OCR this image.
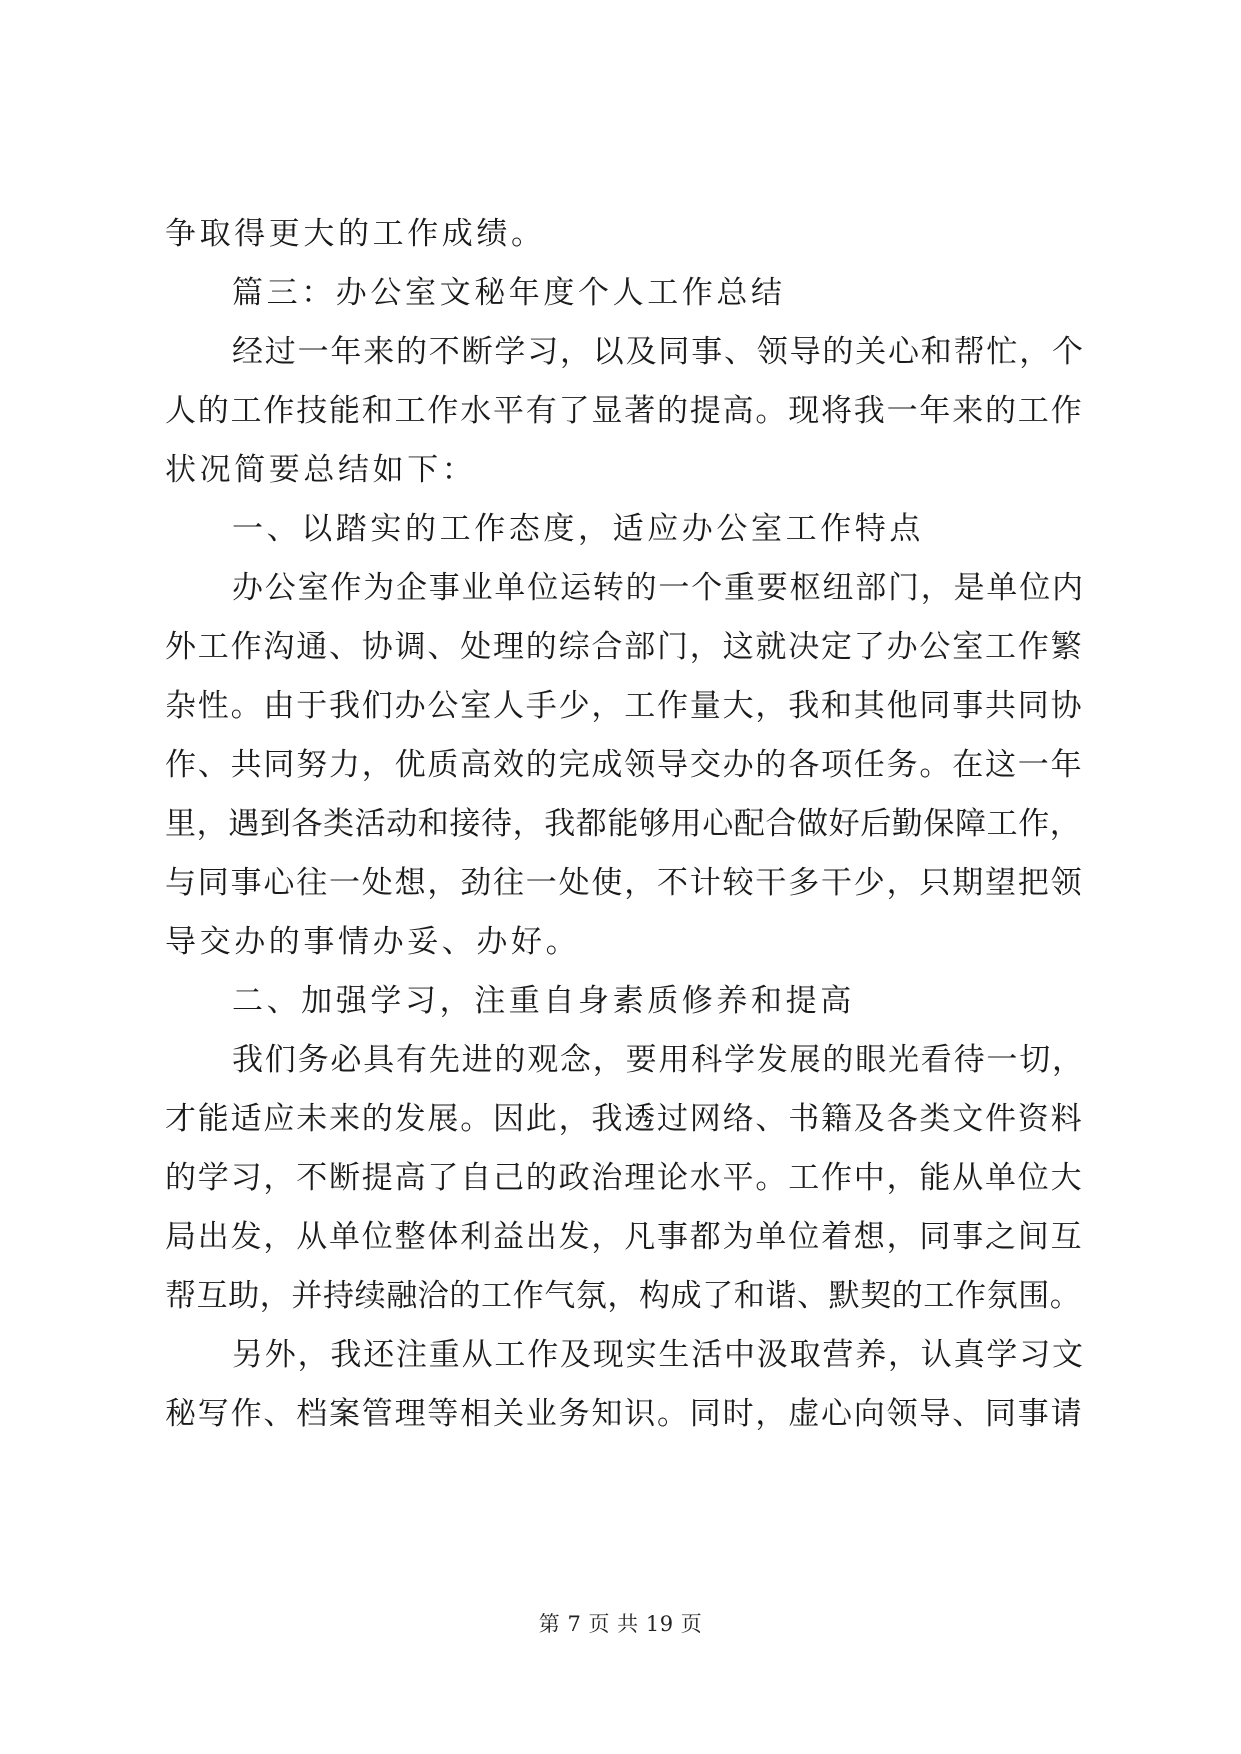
争取得更大的工作成绩。
篇三：办公室文秘年度个人工作总结
经过一年来的不断学习，以及同事、领导的关心和帮忙，个
人的工作技能和工作水平有了显著的提高。现将我一年来的工作
状况简要总结如下：
一、以踏实的工作态度，适应办公室工作特点
办公室作为企事业单位运转的一个重要枢纽部门，是单位内
外工作沟通、协调、处理的综合部门，这就决定了办公室工作繁
杂性。由于我们办公室人手少，工作量大，我和其他同事共同协
作、共同努力，优质高效的完成领导交办的各项任务。在这一年
里，遇到各类活动和接待，我都能够用心配合做好后勤保障工作，
与同事心往一处想，劲往一处使，不计较干多干少，只期望把领
导交办的事情办妥、办好。
二、加强学习，注重自身素质修养和提高
我们务必具有先进的观念，要用科学发展的眼光看待一切，
才能适应未来的发展。因此，我透过网络、书籍及各类文件资料
的学习，不断提高了自己的政治理论水平。工作中，能从单位大
局出发，从单位整体利益出发，凡事都为单位着想，同事之间互
帮互助，并持续融洽的工作气氛，构成了和谐、默契的工作氛围。
另外，我还注重从工作及现实生活中汲取营养，认真学习文
秘写作、档案管理等相关业务知识。同时，虚心向领导、同事请
第 7 页 共 19 页
